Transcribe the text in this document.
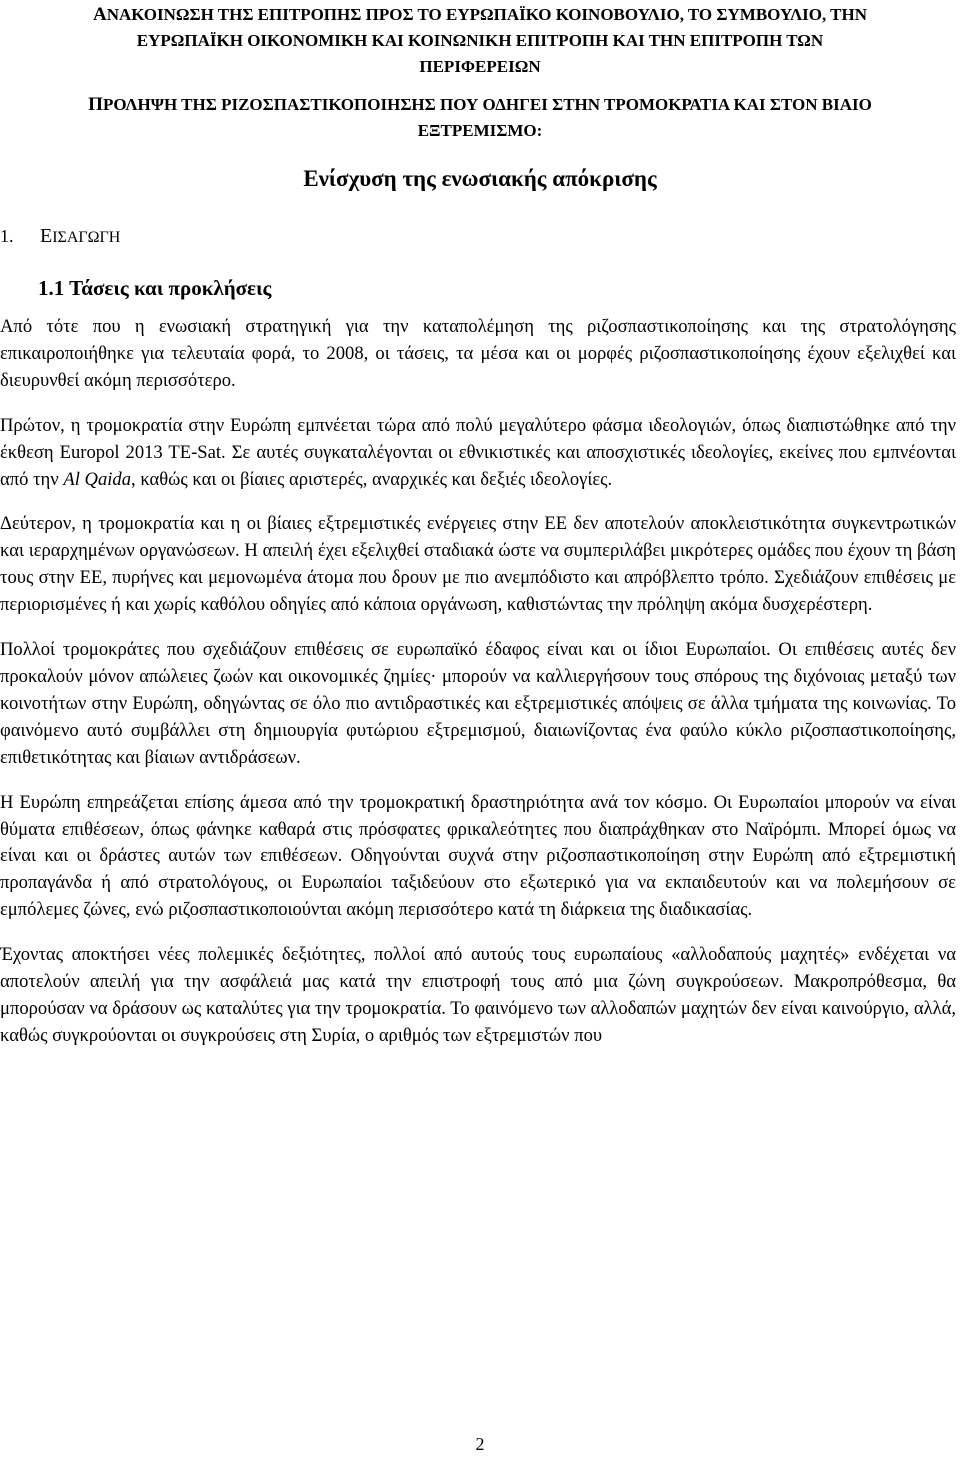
ΑΝΑΚΟΙΝΩΣΗ ΤΗΣ ΕΠΙΤΡΟΠΗΣ ΠΡΟΣ ΤΟ ΕΥΡΩΠΑΪΚΟ ΚΟΙΝΟΒΟΥΛΙΟ, ΤΟ ΣΥΜΒΟΥΛΙΟ, ΤΗΝ
ΕΥΡΩΠΑΪΚΗ ΟΙΚΟΝΟΜΙΚΗ ΚΑΙ ΚΟΙΝΩΝΙΚΗ ΕΠΙΤΡΟΠΗ ΚΑΙ ΤΗΝ ΕΠΙΤΡΟΠΗ ΤΩΝ
ΠΕΡΙΦΕΡΕΙΩΝ
ΠΡΟΛΗΨΗ ΤΗΣ ΡΙΖΟΣΠΑΣΤΙΚΟΠΟΙΗΣΗΣ ΠΟΥ ΟΔΗΓΕΙ ΣΤΗΝ ΤΡΟΜΟΚΡΑΤΙΑ ΚΑΙ ΣΤΟΝ ΒΙΑΙΟ
ΕΞΤΡΕΜΙΣΜΟ:
Ενίσχυση της ενωσιακής απόκρισης
1. ΕΙΣΑΓΩΓΗ
1.1 Τάσεις και προκλήσεις

Από τότε που η ενωσιακή στρατηγική για την καταπολέμηση της ριζοσπαστικοποίησης και της στρατολόγησης επικαιροποιήθηκε για τελευταία φορά, το 2008, οι τάσεις, τα μέσα και οι μορφές ριζοσπαστικοποίησης έχουν εξελιχθεί και διευρυνθεί ακόμη περισσότερο.

Πρώτον, η τρομοκρατία στην Ευρώπη εμπνέεται τώρα από πολύ μεγαλύτερο φάσμα ιδεολογιών, όπως διαπιστώθηκε από την έκθεση Europol 2013 TE-Sat. Σε αυτές συγκαταλέγονται οι εθνικιστικές και αποσχιστικές ιδεολογίες, εκείνες που εμπνέονται από την Al Qaida, καθώς και οι βίαιες αριστερές, αναρχικές και δεξιές ιδεολογίες.

Δεύτερον, η τρομοκρατία και η οι βίαιες εξτρεμιστικές ενέργειες στην ΕΕ δεν αποτελούν αποκλειστικότητα συγκεντρωτικών και ιεραρχημένων οργανώσεων. Η απειλή έχει εξελιχθεί σταδιακά ώστε να συμπεριλάβει μικρότερες ομάδες που έχουν τη βάση τους στην ΕΕ, πυρήνες και μεμονωμένα άτομα που δρουν με πιο ανεμπόδιστο και απρόβλεπτο τρόπο. Σχεδιάζουν επιθέσεις με περιορισμένες ή και χωρίς καθόλου οδηγίες από κάποια οργάνωση, καθιστώντας την πρόληψη ακόμα δυσχερέστερη.

Πολλοί τρομοκράτες που σχεδιάζουν επιθέσεις σε ευρωπαϊκό έδαφος είναι και οι ίδιοι Ευρωπαίοι. Οι επιθέσεις αυτές δεν προκαλούν μόνον απώλειες ζωών και οικονομικές ζημίες· μπορούν να καλλιεργήσουν τους σπόρους της διχόνοιας μεταξύ των κοινοτήτων στην Ευρώπη, οδηγώντας σε όλο πιο αντιδραστικές και εξτρεμιστικές απόψεις σε άλλα τμήματα της κοινωνίας. Το φαινόμενο αυτό συμβάλλει στη δημιουργία φυτώριου εξτρεμισμού, διαιωνίζοντας ένα φαύλο κύκλο ριζοσπαστικοποίησης, επιθετικότητας και βίαιων αντιδράσεων.

Η Ευρώπη επηρεάζεται επίσης άμεσα από την τρομοκρατική δραστηριότητα ανά τον κόσμο. Οι Ευρωπαίοι μπορούν να είναι θύματα επιθέσεων, όπως φάνηκε καθαρά στις πρόσφατες φρικαλεότητες που διαπράχθηκαν στο Ναϊρόμπι. Μπορεί όμως να είναι και οι δράστες αυτών των επιθέσεων. Οδηγούνται συχνά στην ριζοσπαστικοποίηση στην Ευρώπη από εξτρεμιστική προπαγάνδα ή από στρατολόγους, οι Ευρωπαίοι ταξιδεύουν στο εξωτερικό για να εκπαιδευτούν και να πολεμήσουν σε εμπόλεμες ζώνες, ενώ ριζοσπαστικοποιούνται ακόμη περισσότερο κατά τη διάρκεια της διαδικασίας.

Έχοντας αποκτήσει νέες πολεμικές δεξιότητες, πολλοί από αυτούς τους ευρωπαίους «αλλοδαπούς μαχητές» ενδέχεται να αποτελούν απειλή για την ασφάλειά μας κατά την επιστροφή τους από μια ζώνη συγκρούσεων. Μακροπρόθεσμα, θα μπορούσαν να δράσουν ως καταλύτες για την τρομοκρατία. Το φαινόμενο των αλλοδαπών μαχητών δεν είναι καινούργιο, αλλά, καθώς συγκρούονται οι συγκρούσεις στη Συρία, ο αριθμός των εξτρεμιστών που

2
